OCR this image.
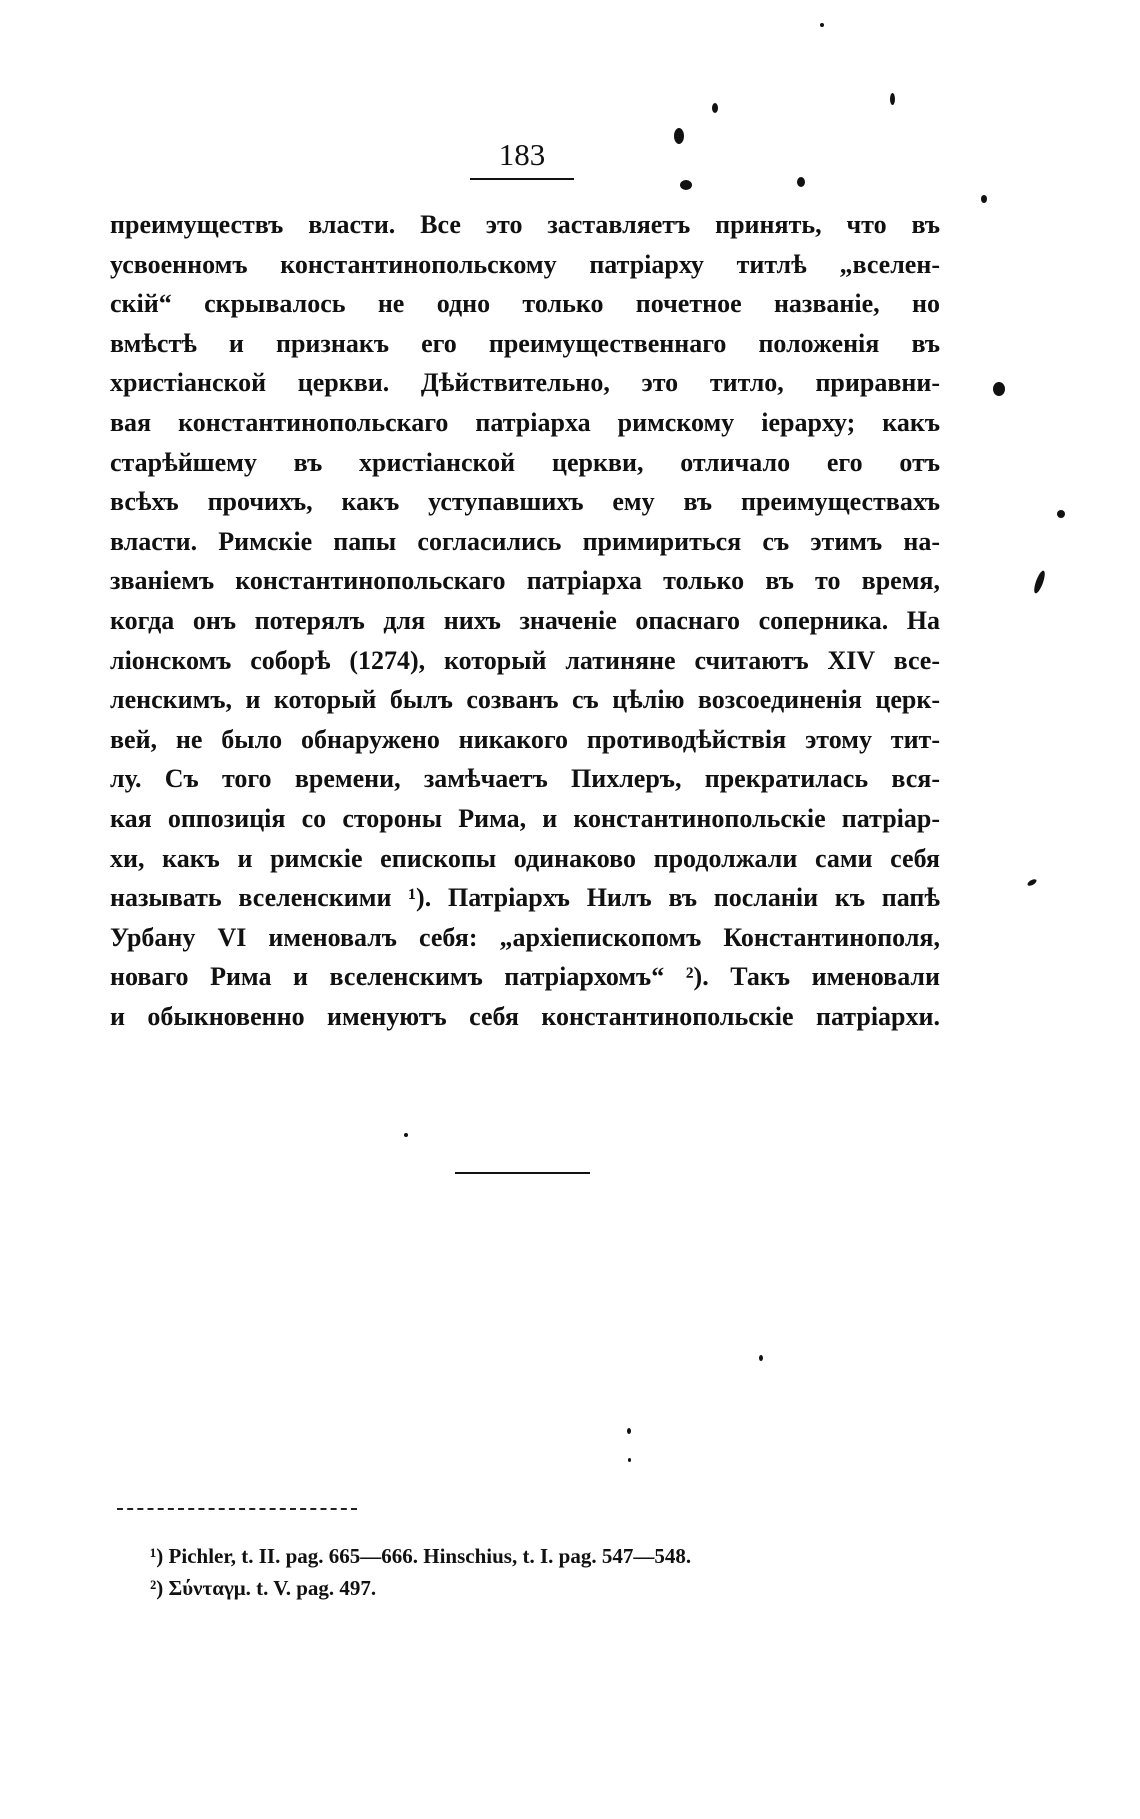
183
преимуществъ власти. Все это заставляетъ принять, что въ
усвоенномъ константинопольскому патріарху титлѣ „вселен-
скій“ скрывалось не одно только почетное названіе, но
вмѣстѣ и признакъ его преимущественнаго положенія въ
христіанской церкви. Дѣйствительно, это титло, приравни-
вая константинопольскаго патріарха римскому іерарху; какъ
старѣйшему въ христіанской церкви, отличало его отъ
всѣхъ прочихъ, какъ уступавшихъ ему въ преимуществахъ
власти. Римскіе папы согласились примириться съ этимъ на-
званіемъ константинопольскаго патріарха только въ то время,
когда онъ потерялъ для нихъ значеніе опаснаго соперника. На
ліонскомъ соборѣ (1274), который латиняне считаютъ XIV все-
ленскимъ, и который былъ созванъ съ цѣлію возсоединенія церк-
вей, не было обнаружено никакого противодѣйствія этому тит-
лу. Съ того времени, замѣчаетъ Пихлеръ, прекратилась вся-
кая оппозиція со стороны Рима, и константинопольскіе патріар-
хи, какъ и римскіе епископы одинаково продолжали сами себя
называть вселенскими ¹). Патріархъ Нилъ въ посланіи къ папѣ
Урбану VI именовалъ себя: „архіепископомъ Константинополя,
новаго Рима и вселенскимъ патріархомъ“ ²). Такъ именовали
и обыкновенно именуютъ себя константинопольскіе патріархи.
¹) Pichler, t. II. pag. 665—666. Hinschius, t. I. pag. 547—548.
²) Σύνταγμ. t. V. pag. 497.
